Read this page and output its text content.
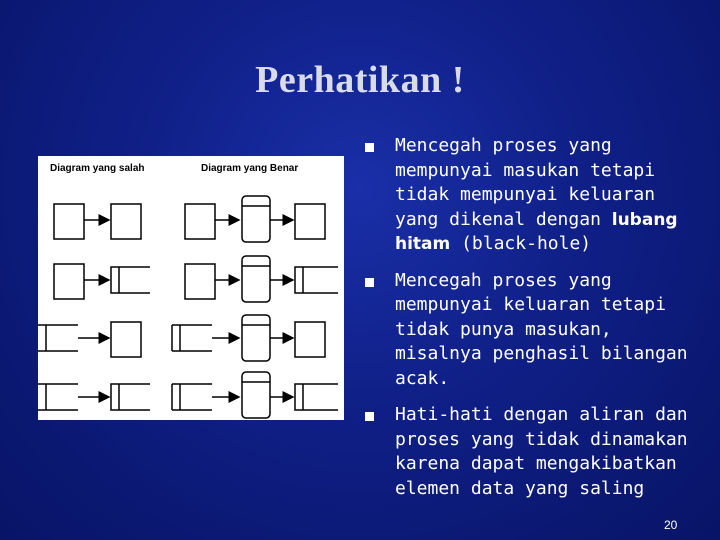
Perhatikan !
Diagram yang salah	Diagram yang Benar
Mencegah proses yang mempunyai masukan tetapi tidak mempunyai keluaran yang dikenal dengan lubang hitam (black-hole)
Mencegah proses yang mempunyai keluaran tetapi tidak punya masukan, misalnya penghasil bilangan acak.
Hati-hati dengan aliran dan proses yang tidak dinamakan karena dapat mengakibatkan elemen data yang saling
20
